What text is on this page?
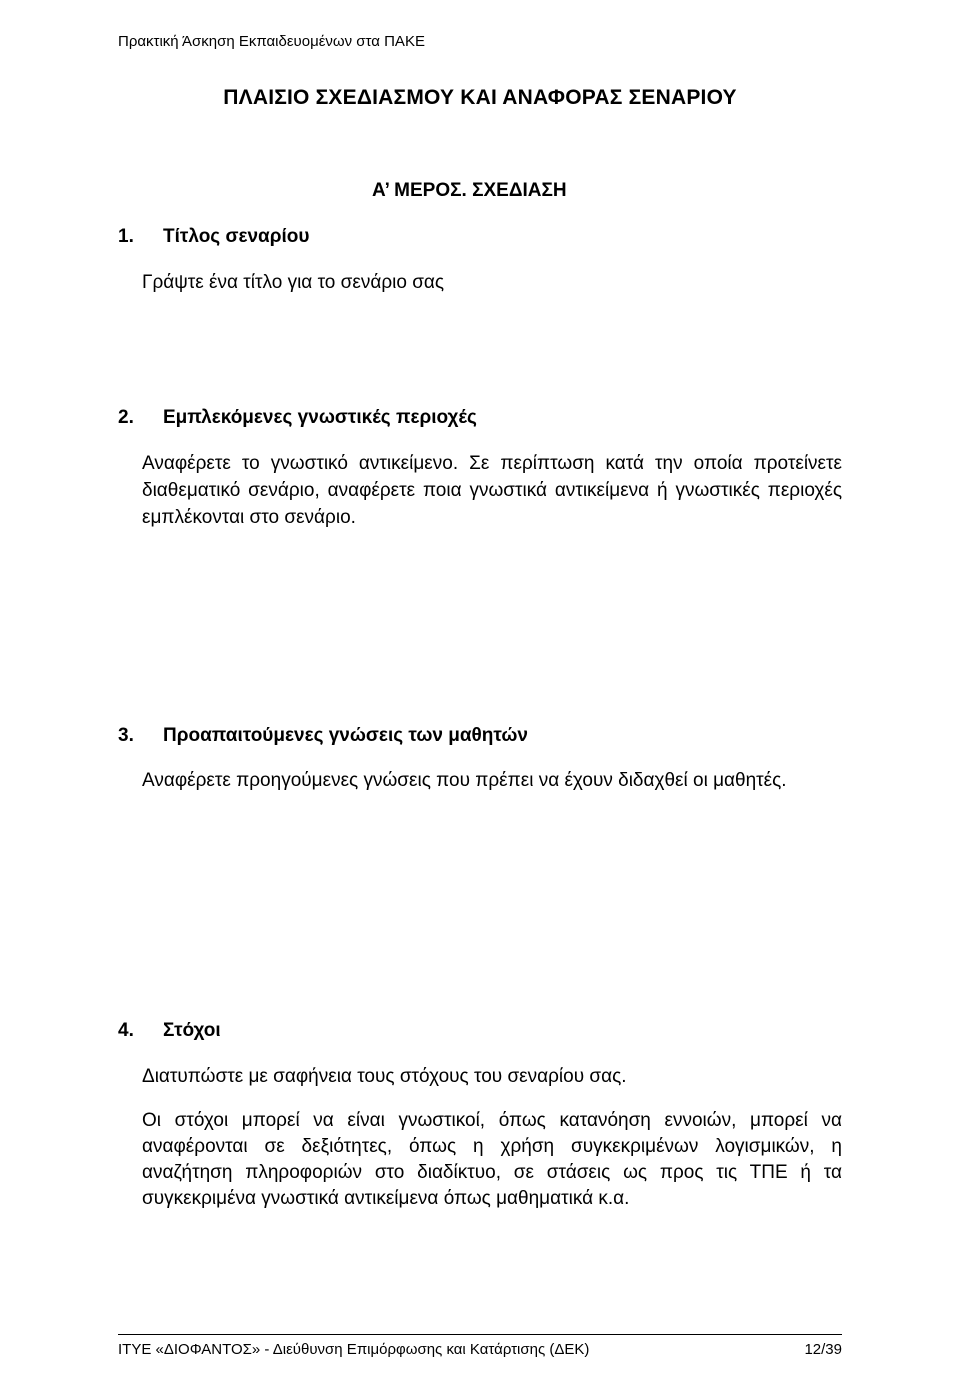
Πρακτική Άσκηση Εκπαιδευομένων στα ΠΑΚΕ
ΠΛΑΙΣΙΟ ΣΧΕΔΙΑΣΜΟΥ ΚΑΙ ΑΝΑΦΟΡΑΣ ΣΕΝΑΡΙΟΥ
Α’ ΜΕΡΟΣ. ΣΧΕΔΙΑΣΗ
1. Τίτλος σεναρίου
Γράψτε ένα τίτλο για το σενάριο σας
2. Εμπλεκόμενες γνωστικές περιοχές
Αναφέρετε το γνωστικό αντικείμενο. Σε περίπτωση κατά την οποία προτείνετε διαθεματικό σενάριο, αναφέρετε ποια γνωστικά αντικείμενα ή γνωστικές περιοχές εμπλέκονται στο σενάριο.
3. Προαπαιτούμενες γνώσεις των μαθητών
Αναφέρετε προηγούμενες γνώσεις που πρέπει να έχουν διδαχθεί οι μαθητές.
4. Στόχοι
Διατυπώστε με σαφήνεια τους στόχους του σεναρίου σας.
Οι στόχοι μπορεί να είναι γνωστικοί, όπως κατανόηση εννοιών, μπορεί να αναφέρονται σε δεξιότητες, όπως η χρήση συγκεκριμένων λογισμικών, η αναζήτηση πληροφοριών στο διαδίκτυο, σε στάσεις ως προς τις ΤΠΕ ή τα συγκεκριμένα γνωστικά αντικείμενα όπως μαθηματικά κ.α.
ΙΤΥΕ «ΔΙΟΦΑΝΤΟΣ» - Διεύθυνση Επιμόρφωσης και Κατάρτισης (ΔΕΚ)	12/39
